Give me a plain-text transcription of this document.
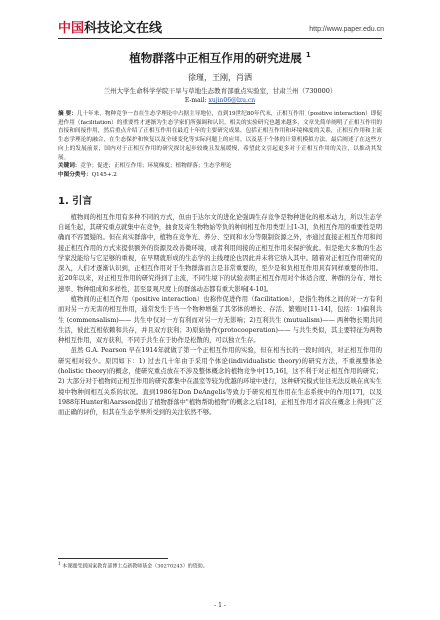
中国科技论文在线	http://www.paper.edu.cn
植物群落中正相互作用的研究进展 $^1$
徐瑾，王刚，肖洒
兰州大学生命科学学院干旱与草地生态教育部重点实验室，甘肃兰州（730000）
E-mail: xujin06@lzu.cn

摘 要：几十年来，物种竞争一直在生态学理论中占据主导地位，直到19世纪80年代末，正相互作用（positive interaction）即促进作用（facilitation）的重要性才逐渐为生态学家们所强调和认识。相关的实验研究也越来越多，文章先简单阐明了正相互作用的直接和间接作用，然后重点介绍了正相互作用在最近十年的主要研究成果，包括正相互作用和环境梯度的关系，正相互作用和主流生态学理论的融合，在生态保护和恢复以及全球变化等实际问题上的应用，以及基于个体的计算机模拟方法。最后阐述了在这些方向上的发展前景，国内对于正相互作用的研究探讨起步较晚且发展缓慢，希望此文引起更多对于正相互作用的关注，以推动其发展。

关键词：竞争；促进；正相互作用；环境梯度；植物群落；生态学理论

中图分类号：Q145+.2

1. 引言

植物间的相互作用有多种不同的方式，但由于达尔文的进化论强调生存竞争是物种进化的根本动力，所以生态学自诞生起，其研究重点就集中在竞争，抽食及寄生物物始等负的种间相互作用类型上[1-3]，负相互作用的重要性是明确而不容置疑的。但在真实群落中，植物在竞争光、养分、空间和水分等限制资源之外，亦通过直接正相互作用和间接正相互作用的方式来提供额外的资源及改善微环境，或者利用间接的正相互作用来保护彼此。但是绝大多数的生态学家没能给与它足够的重视，在早期就形成的生态学的主线理论也因此并未将它纳入其中。随着对正相互作用研究的深入，人们才逐渐认识到，正相互作用对于生物群落而言是非常重要的，至少是和负相互作用具有同样重要的作用。近20年以来，对正相互作用的研究得到了主流，不同生境下的试验表明正相互作用对个体适合度、种群的分布、增长速率、物种组成和多样性，甚至景观尺度上的群落动态都有重大影响[4-10]。

植物间的正相互作用（positive interaction）也称作促进作用（facilitation），是指生物体之间的对一方有利而对另一方无害的相互作用，通常发生于当一个物种增强了其邻体的增长、存活、繁殖时[11-14]，包括：1)偏利共生 (commensalism)—— 共生中仅对一方有利而对另一方无影响；2)互利共生 (mutualism)—— 两种物长期共同生活，彼此互相依赖和共存，并且双方获利；3)原始协作(protocooperation)—— 与共生类似，其主要特征为两物种相互作用，双方获利，不同于共生在于协作是松散的，可以独立生存。

虽然 G.A. Pearson 早在1914年就做了第一个正相互作用的实验，但在相当长的一段时间内，对正相互作用的研究相对较少。原因如下：1) 过去几十年由于采用个体论(individualistic theory)的研究方法，不重视整体论(holistic theory)的概念，使研究重点放在不涉及整体概念的植物竞争中[15,16]，这不利于对正相互作用的研究；2) 大部分对于植物间正相互作用的研究都集中在温室等较为优越的环境中进行，这种研究模式往往无法反映在真实生境中物种间相互关系的状况。直到1986年Don DeAngelis等致力于研究相互作用在生态系统中的作用[17]，以及1988年Hunter和Aarssen提出了植物群落中"植物帮助植物"的概念之后[18]，正相互作用才首次在概念上得到广泛而正确的评价，但其在生态学界所受到的关注依然不够。

$^1$ 本课题受到国家教育部博士点新教师基金（30270243）的资助。
- 1 -
